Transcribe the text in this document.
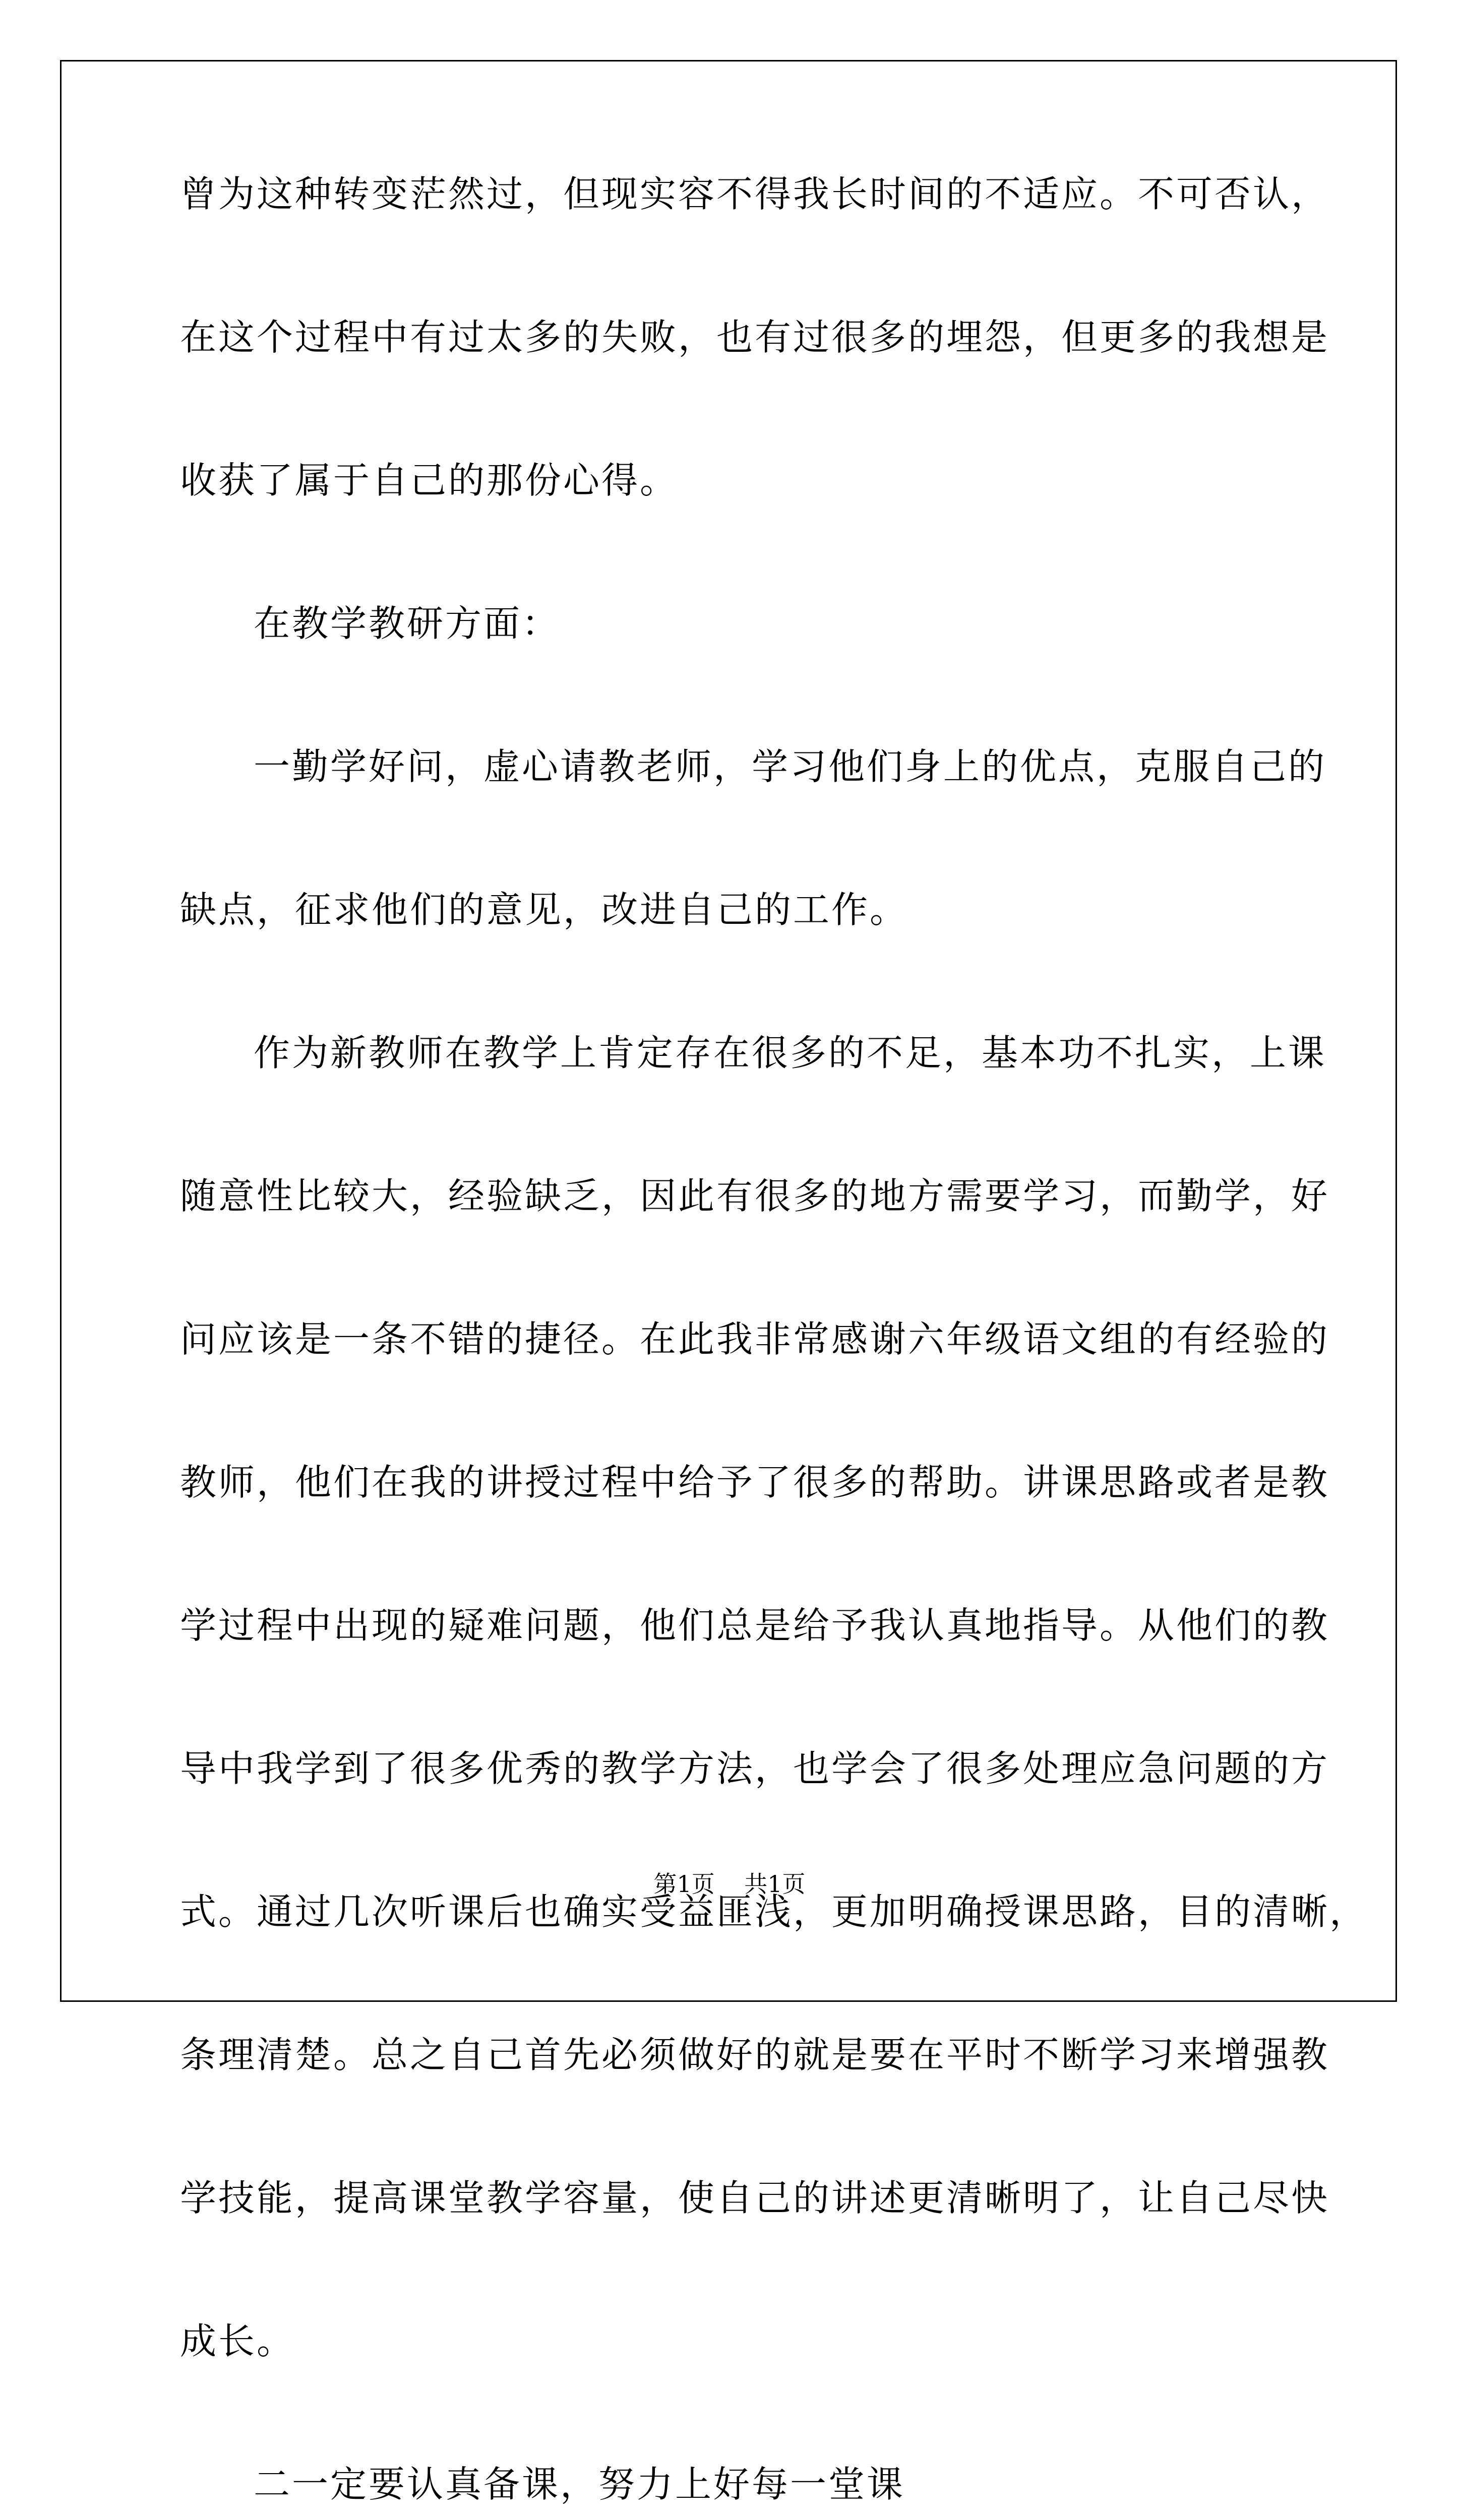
曾为这种转变茫然过，但现实容不得我长时间的不适应。不可否认，
在这个过程中有过太多的失败，也有过很多的埋怨，但更多的我想是
收获了属于自己的那份心得。
在教学教研方面：
一勤学好问，虚心请教老师，学习他们身上的优点，克服自己的
缺点，征求他们的意见，改进自己的工作。
作为新教师在教学上肯定存在很多的不足，基本功不扎实，上课
随意性比较大，经验缺乏，因此有很多的地方需要学习，而勤学，好
问应该是一条不错的捷径。在此我非常感谢六年级语文组的有经验的
教师，他们在我的讲授过程中给予了很多的帮助。讲课思路或者是教
学过程中出现的疑难问题，他们总是给予我认真地指导。从他们的教
导中我学到了很多优秀的教学方法，也学会了很多处理应急问题的方
式。通过几次听课后也确实受益匪浅，更加明确授课思路，目的清晰，
条理清楚。总之自己首先必须做好的就是要在平时不断学习来增强教
学技能，提高课堂教学容量，使自己的讲述更清晰明了，让自己尽快
成长。
二一定要认真备课，努力上好每一堂课
第1页 共1页
